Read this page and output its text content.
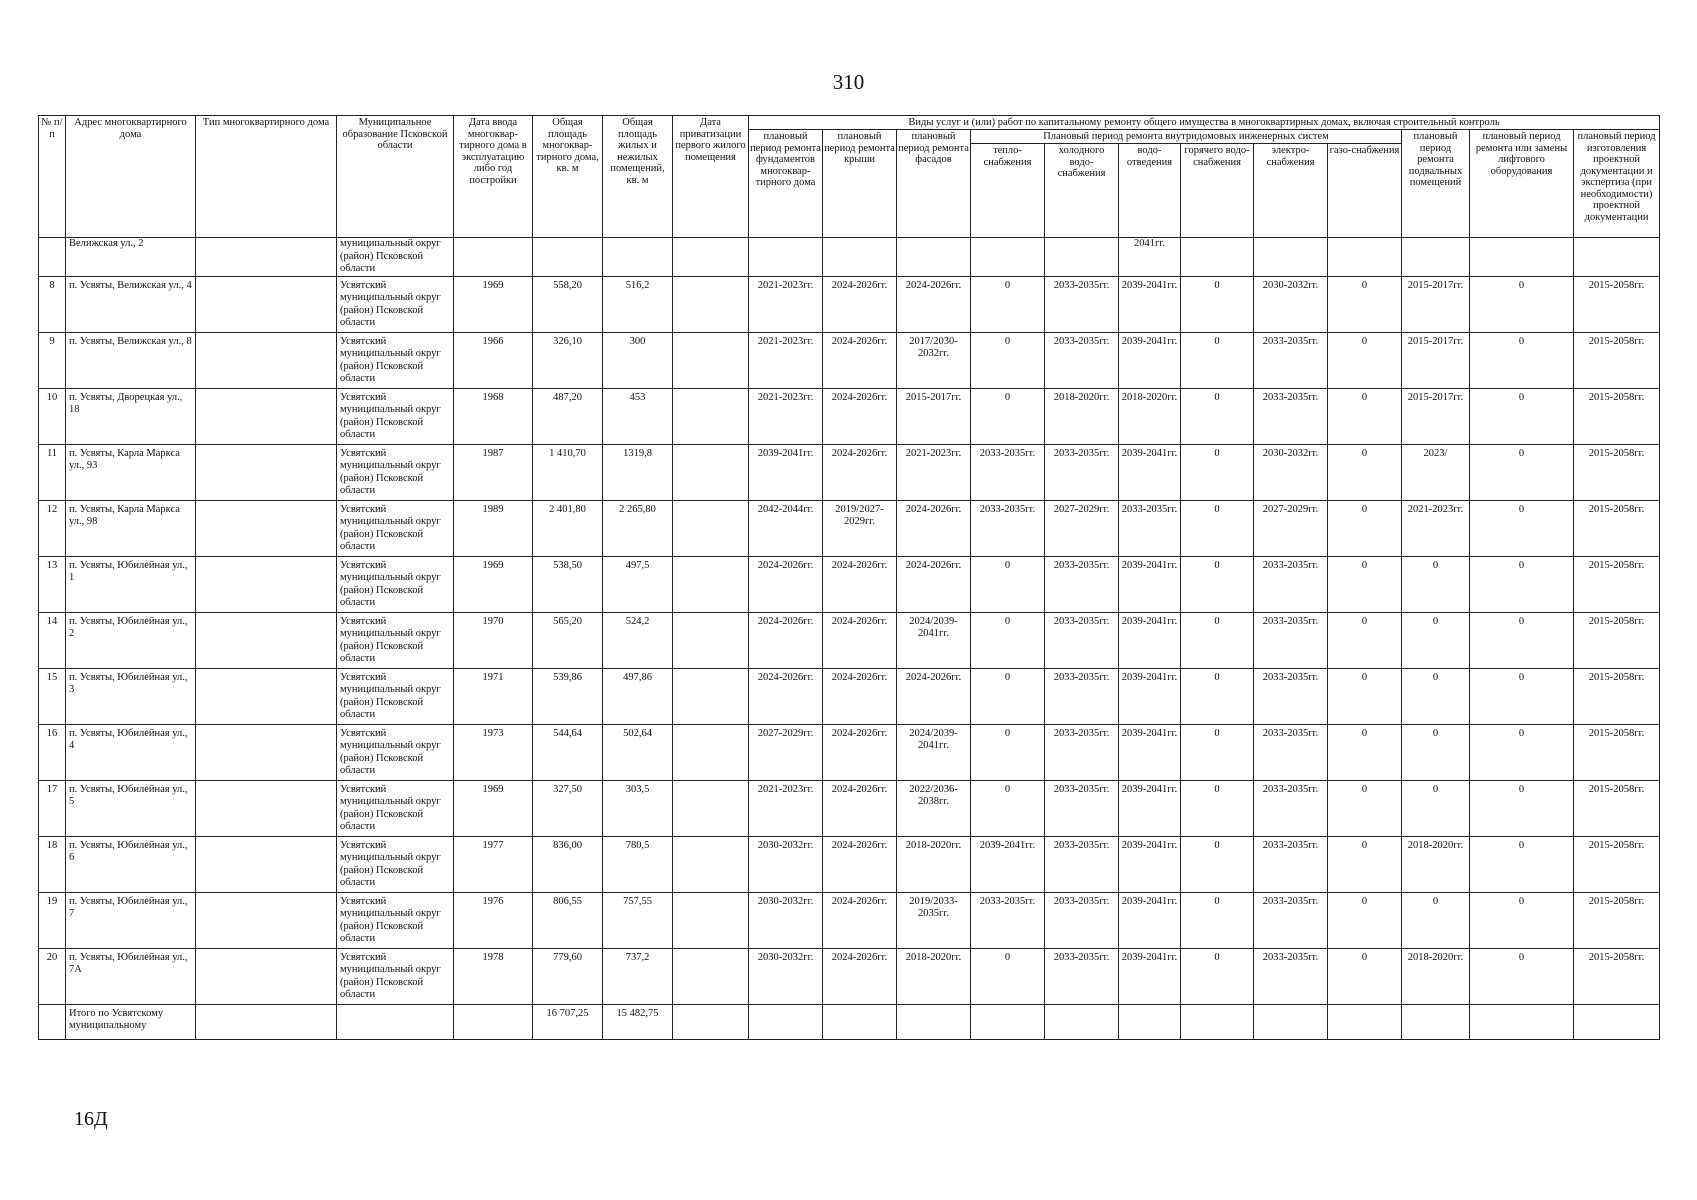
310
№ п/п	Адрес многоквартирного дома	Тип многоквартирного дома	Муниципальное образование Псковской области	Дата ввода многоквар-тирного дома в эксплуатацию либо год постройки	Общая площадь многоквар-тирного дома, кв. м	Общая площадь жилых и нежилых помещений, кв. м	Дата приватизации первого жилого помещения	Виды услуг и (или) работ по капитальному ремонту общего имущества в многоквартирных домах, включая строительный контроль											
								плановый период ремонта фундаментов многоквар-тирного дома	плановый период ремонта крыши	плановый период ремонта фасадов	Плановый период ремонта внутридомовых инженерных систем						плановый период ремонта подвальных помещений	плановый период ремонта или замены лифтового оборудования	плановый период изготовления проектной документации и экспертиза (при необходимости) проектной документации
											тепло-снабжения	холодного водо-снабжения	водо-отведения	горячего водо-снабжения	электро-снабжения	газо-снабжения			
	Велижская ул., 2		муниципальный округ (район) Псковской области										2041гг.						
8	п. Усвяты, Велижская ул., 4		Усвятский муниципальный округ (район) Псковской области	1969	558,20	516,2		2021-2023гг.	2024-2026гг.	2024-2026гг.	0	2033-2035гг.	2039-2041гг.	0	2030-2032гг.	0	2015-2017гг.	0	2015-2058гг.
9	п. Усвяты, Велижская ул., 8		Усвятский муниципальный округ (район) Псковской области	1966	326,10	300		2021-2023гг.	2024-2026гг.	2017/2030-2032гг.	0	2033-2035гг.	2039-2041гг.	0	2033-2035гг.	0	2015-2017гг.	0	2015-2058гг.
10	п. Усвяты, Дворецкая ул., 18		Усвятский муниципальный округ (район) Псковской области	1968	487,20	453		2021-2023гг.	2024-2026гг.	2015-2017гг.	0	2018-2020гг.	2018-2020гг.	0	2033-2035гг.	0	2015-2017гг.	0	2015-2058гг.
11	п. Усвяты, Карла Маркса ул., 93		Усвятский муниципальный округ (район) Псковской области	1987	1 410,70	1319,8		2039-2041гг.	2024-2026гг.	2021-2023гг.	2033-2035гг.	2033-2035гг.	2039-2041гг.	0	2030-2032гг.	0	2023/	0	2015-2058гг.
12	п. Усвяты, Карла Маркса ул., 98		Усвятский муниципальный округ (район) Псковской области	1989	2 401,80	2 265,80		2042-2044гг.	2019/2027-2029гг.	2024-2026гг.	2033-2035гг.	2027-2029гг.	2033-2035гг.	0	2027-2029гг.	0	2021-2023гг.	0	2015-2058гг.
13	п. Усвяты, Юбилейная ул., 1		Усвятский муниципальный округ (район) Псковской области	1969	538,50	497,5		2024-2026гг.	2024-2026гг.	2024-2026гг.	0	2033-2035гг.	2039-2041гг.	0	2033-2035гг.	0	0	0	2015-2058гг.
14	п. Усвяты, Юбилейная ул., 2		Усвятский муниципальный округ (район) Псковской области	1970	565,20	524,2		2024-2026гг.	2024-2026гг.	2024/2039-2041гг.	0	2033-2035гг.	2039-2041гг.	0	2033-2035гг.	0	0	0	2015-2058гг.
15	п. Усвяты, Юбилейная ул., 3		Усвятский муниципальный округ (район) Псковской области	1971	539,86	497,86		2024-2026гг.	2024-2026гг.	2024-2026гг.	0	2033-2035гг.	2039-2041гг.	0	2033-2035гг.	0	0	0	2015-2058гг.
16	п. Усвяты, Юбилейная ул., 4		Усвятский муниципальный округ (район) Псковской области	1973	544,64	502,64		2027-2029гг.	2024-2026гг.	2024/2039-2041гг.	0	2033-2035гг.	2039-2041гг.	0	2033-2035гг.	0	0	0	2015-2058гг.
17	п. Усвяты, Юбилейная ул., 5		Усвятский муниципальный округ (район) Псковской области	1969	327,50	303,5		2021-2023гг.	2024-2026гг.	2022/2036-2038гг.	0	2033-2035гг.	2039-2041гг.	0	2033-2035гг.	0	0	0	2015-2058гг.
18	п. Усвяты, Юбилейная ул., 6		Усвятский муниципальный округ (район) Псковской области	1977	836,00	780,5		2030-2032гг.	2024-2026гг.	2018-2020гг.	2039-2041гг.	2033-2035гг.	2039-2041гг.	0	2033-2035гг.	0	2018-2020гг.	0	2015-2058гг.
19	п. Усвяты, Юбилейная ул., 7		Усвятский муниципальный округ (район) Псковской области	1976	806,55	757,55		2030-2032гг.	2024-2026гг.	2019/2033-2035гг.	2033-2035гг.	2033-2035гг.	2039-2041гг.	0	2033-2035гг.	0	0	0	2015-2058гг.
20	п. Усвяты, Юбилейная ул., 7А		Усвятский муниципальный округ (район) Псковской области	1978	779,60	737,2		2030-2032гг.	2024-2026гг.	2018-2020гг.	0	2033-2035гг.	2039-2041гг.	0	2033-2035гг.	0	2018-2020гг.	0	2015-2058гг.
	Итого по Усвятскому муниципальному				16 707,25	15 482,75													
16Д
